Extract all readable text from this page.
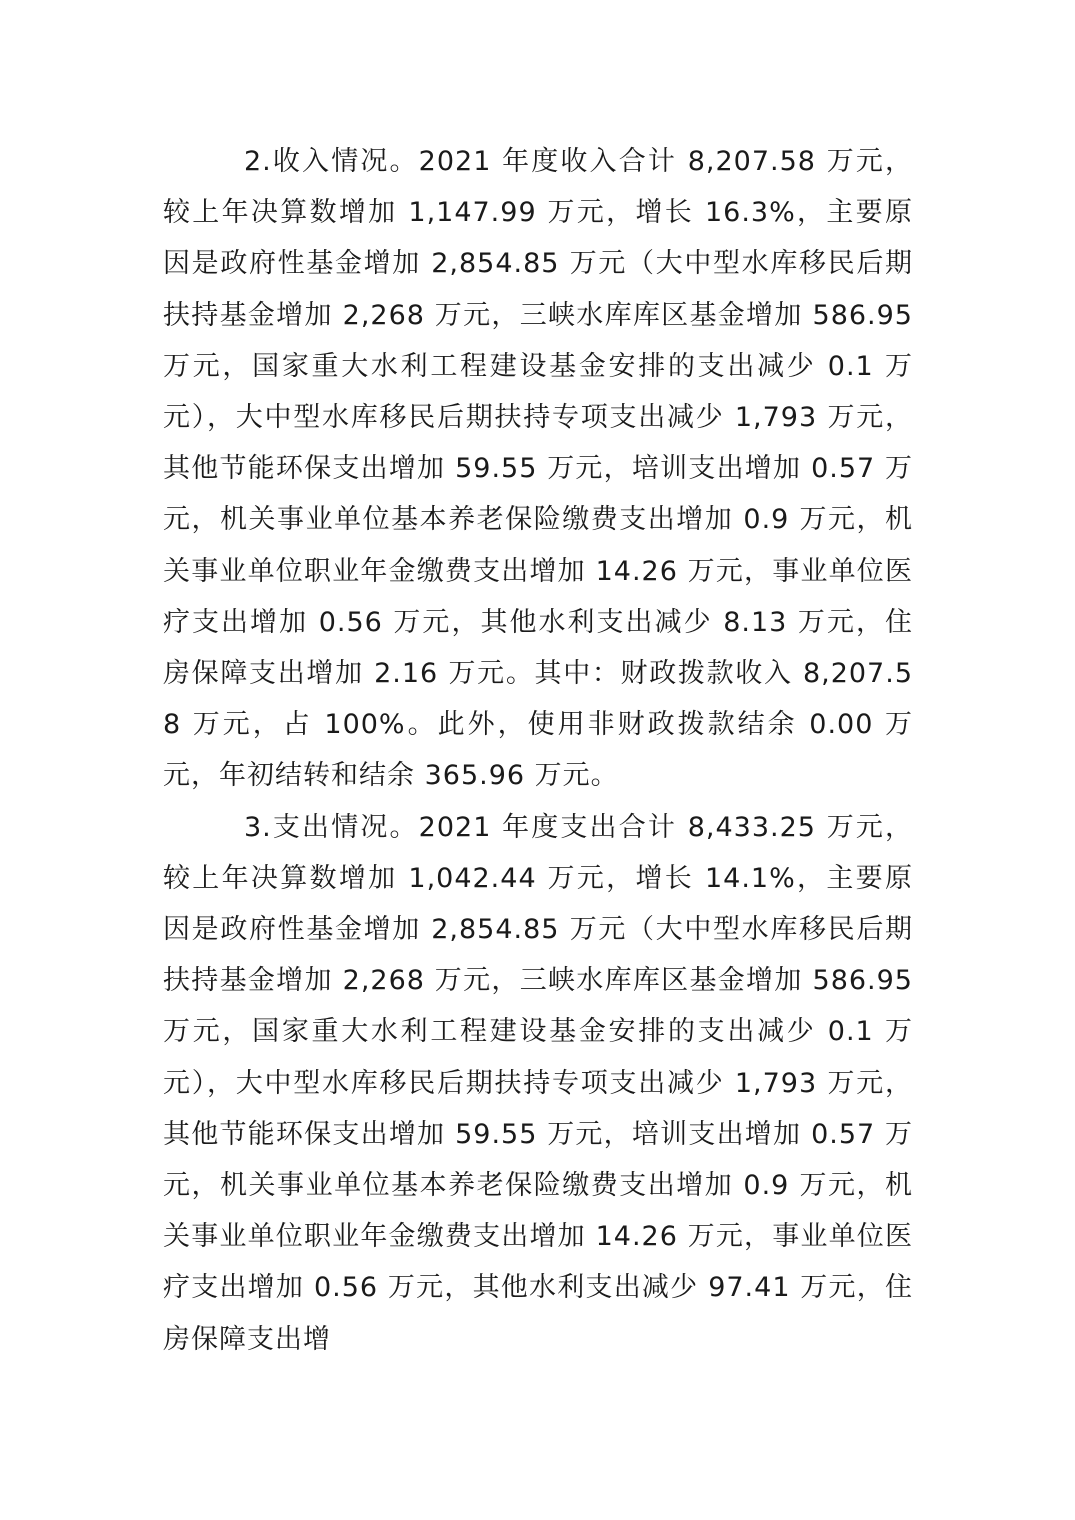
2.收入情况。2021 年度收入合计 8,207.58 万元，较上年决算数增加 1,147.99 万元，增长 16.3%，主要原因是政府性基金增加 2,854.85 万元（大中型水库移民后期扶持基金增加 2,268 万元，三峡水库库区基金增加 586.95 万元，国家重大水利工程建设基金安排的支出减少 0.1 万元），大中型水库移民后期扶持专项支出减少 1,793 万元，其他节能环保支出增加 59.55 万元，培训支出增加 0.57 万元，机关事业单位基本养老保险缴费支出增加 0.9 万元，机关事业单位职业年金缴费支出增加 14.26 万元，事业单位医疗支出增加 0.56 万元，其他水利支出减少 8.13 万元，住房保障支出增加 2.16 万元。其中：财政拨款收入 8,207.58 万元，占 100%。此外，使用非财政拨款结余 0.00 万元，年初结转和结余 365.96 万元。

3.支出情况。2021 年度支出合计 8,433.25 万元，较上年决算数增加 1,042.44 万元，增长 14.1%，主要原因是政府性基金增加 2,854.85 万元（大中型水库移民后期扶持基金增加 2,268 万元，三峡水库库区基金增加 586.95 万元，国家重大水利工程建设基金安排的支出减少 0.1 万元），大中型水库移民后期扶持专项支出减少 1,793 万元，其他节能环保支出增加 59.55 万元，培训支出增加 0.57 万元，机关事业单位基本养老保险缴费支出增加 0.9 万元，机关事业单位职业年金缴费支出增加 14.26 万元，事业单位医疗支出增加 0.56 万元，其他水利支出减少 97.41 万元，住房保障支出增
